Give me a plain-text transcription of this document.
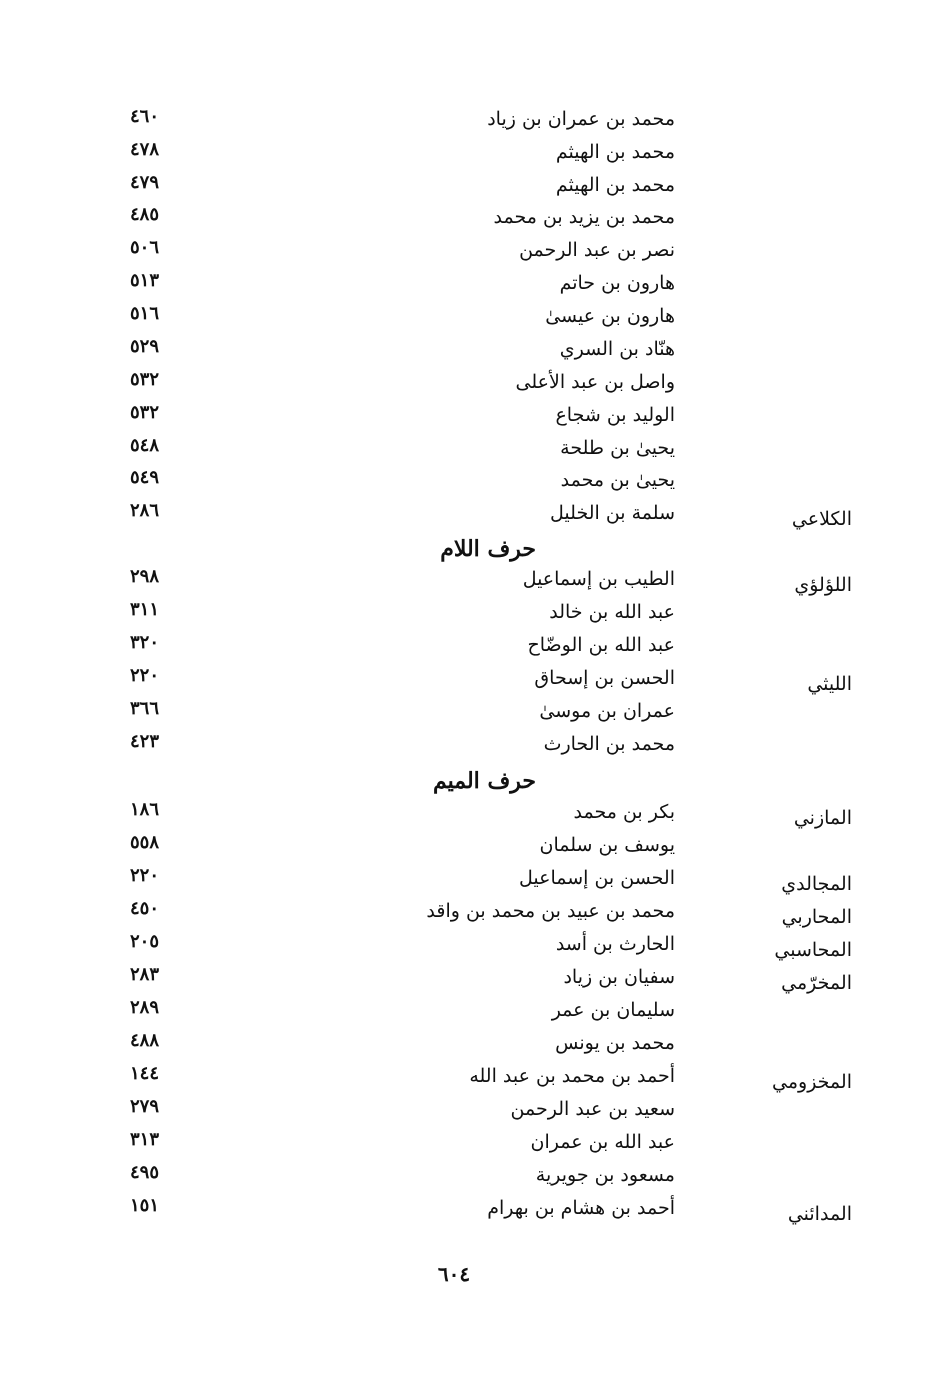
محمد بن عمران بن زياد
٤٦٠
محمد بن الهيثم
٤٧٨
محمد بن الهيثم
٤٧٩
محمد بن يزيد بن محمد
٤٨٥
نصر بن عبد الرحمن
٥٠٦
هارون بن حاتم
٥١٣
هارون بن عيسىٰ
٥١٦
هنّاد بن السري
٥٢٩
واصل بن عبد الأعلى
٥٣٢
الوليد بن شجاع
٥٣٢
يحيىٰ بن طلحة
٥٤٨
يحيىٰ بن محمد
٥٤٩
الكلاعي
سلمة بن الخليل
٢٨٦
حرف اللام
اللؤلؤي
الطيب بن إسماعيل
٢٩٨
عبد الله بن خالد
٣١١
عبد الله بن الوضّاح
٣٢٠
الليثي
الحسن بن إسحاق
٢٢٠
عمران بن موسىٰ
٣٦٦
محمد بن الحارث
٤٢٣
حرف الميم
المازني
بكر بن محمد
١٨٦
يوسف بن سلمان
٥٥٨
المجالدي
الحسن بن إسماعيل
٢٢٠
المحاربي
محمد بن عبيد بن محمد بن واقد
٤٥٠
المحاسبي
الحارث بن أسد
٢٠٥
المخرّمي
سفيان بن زياد
٢٨٣
سليمان بن عمر
٢٨٩
محمد بن يونس
٤٨٨
المخزومي
أحمد بن محمد بن عبد الله
١٤٤
سعيد بن عبد الرحمن
٢٧٩
عبد الله بن عمران
٣١٣
مسعود بن جويرية
٤٩٥
المدائني
أحمد بن هشام بن بهرام
١٥١
٦٠٤
